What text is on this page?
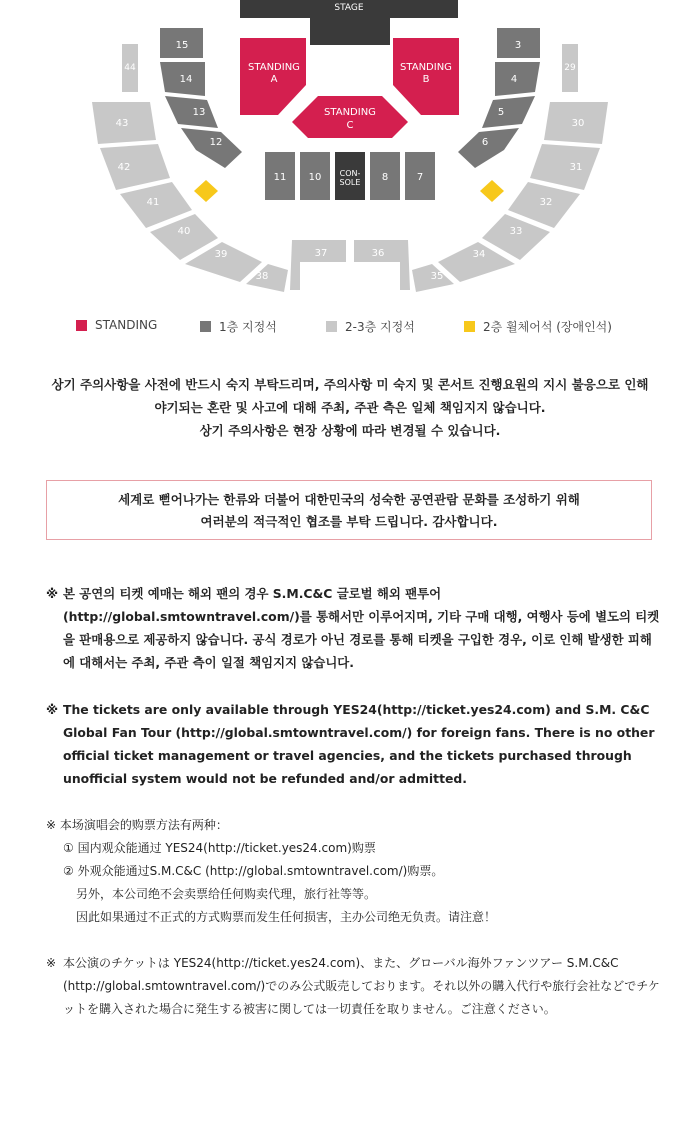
STAGE
STANDING
A
STANDING
B
STANDING
C
11 10 CON-
SOLE 8	7
15
14
13
12
3
4
5
6
44
43
42
41
40
39
38
37	36
29
30
31
32
33
34
35
STANDING	1층 지정석	2-3층 지정석	2층 휠체어석 (장애인석)
상기 주의사항을 사전에 반드시 숙지 부탁드리며, 주의사항 미 숙지 및 콘서트 진행요원의 지시 불응으로 인해
야기되는 혼란 및 사고에 대해 주최, 주관 측은 일체 책임지지 않습니다.
상기 주의사항은 현장 상황에 따라 변경될 수 있습니다.
세계로 뻗어나가는 한류와 더불어 대한민국의 성숙한 공연관람 문화를 조성하기 위해
여러분의 적극적인 협조를 부탁 드립니다. 감사합니다.
※ 본 공연의 티켓 예매는 해외 팬의 경우 S.M.C&C 글로벌 해외 팬투어 (http://global.smtowntravel.com/)를 통해서만 이루어지며, 기타 구매 대행, 여행사 등에 별도의 티켓을 판매용으로 제공하지 않습니다. 공식 경로가 아닌 경로를 통해 티켓을 구입한 경우, 이로 인해 발생한 피해에 대해서는 주최, 주관 측이 일절 책임지지 않습니다.
※ The tickets are only available through YES24(http://ticket.yes24.com) and S.M. C&C Global Fan Tour (http://global.smtowntravel.com/) for foreign fans. There is no other official ticket management or travel agencies, and the tickets purchased through unofficial system would not be refunded and/or admitted.
※ 本场演唱会的购票方法有两种：
① 国内观众能通过 YES24(http://ticket.yes24.com)购票
② 外观众能通过S.M.C&C (http://global.smtowntravel.com/)购票。
另外，本公司绝不会卖票给任何购卖代理，旅行社等等。
因此如果通过不正式的方式购票而发生任何损害，主办公司绝无负责。请注意！
※ 本公演のチケットは YES24(http://ticket.yes24.com)、また、グローバル海外ファンツアー S.M.C&C (http://global.smtowntravel.com/)でのみ公式販売しております。それ以外の購入代行や旅行会社などでチケットを購入された場合に発生する被害に関しては一切責任を取りません。ご注意ください。
